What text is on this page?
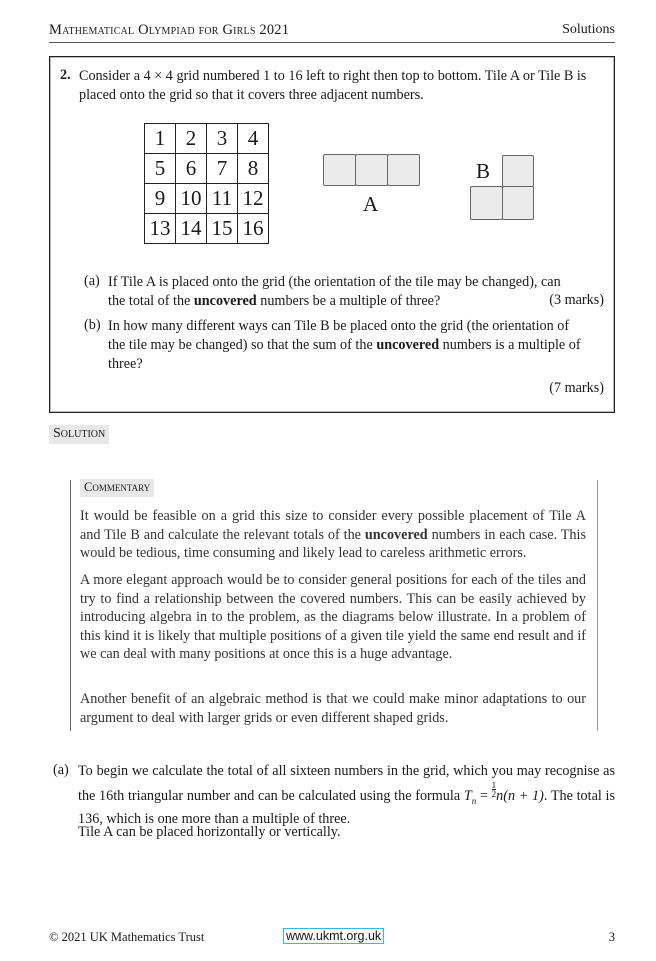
Mathematical Olympiad for Girls 2021	Solutions
2. Consider a 4 × 4 grid numbered 1 to 16 left to right then top to bottom. Tile A or Tile B is placed onto the grid so that it covers three adjacent numbers.
1	2	3	4
5	6	7	8
9	10	11	12
13	14	15	16
A
B
(a) If Tile A is placed onto the grid (the orientation of the tile may be changed), can
the total of the uncovered numbers be a multiple of three?	(3 marks)
(b) In how many different ways can Tile B be placed onto the grid (the orientation of
the tile may be changed) so that the sum of the uncovered numbers is a multiple of
three?
(7 marks)
Solution
Commentary
It would be feasible on a grid this size to consider every possible placement of Tile A and Tile B and calculate the relevant totals of the uncovered numbers in each case. This would be tedious, time consuming and likely lead to careless arithmetic errors.
A more elegant approach would be to consider general positions for each of the tiles and try to find a relationship between the covered numbers. This can be easily achieved by introducing algebra in to the problem, as the diagrams below illustrate. In a problem of this kind it is likely that multiple positions of a given tile yield the same end result and if we can deal with many positions at once this is a huge advantage.
Another benefit of an algebraic method is that we could make minor adaptations to our argument to deal with larger grids or even different shaped grids.
(a) To begin we calculate the total of all sixteen numbers in the grid, which you may recognise as the 16th triangular number and can be calculated using the formula $T_n = \frac{1}{2} n(n + 1)$. The total is 136, which is one more than a multiple of three.
Tile A can be placed horizontally or vertically.
© 2021 UK Mathematics Trust	www.ukmt.org.uk	3
